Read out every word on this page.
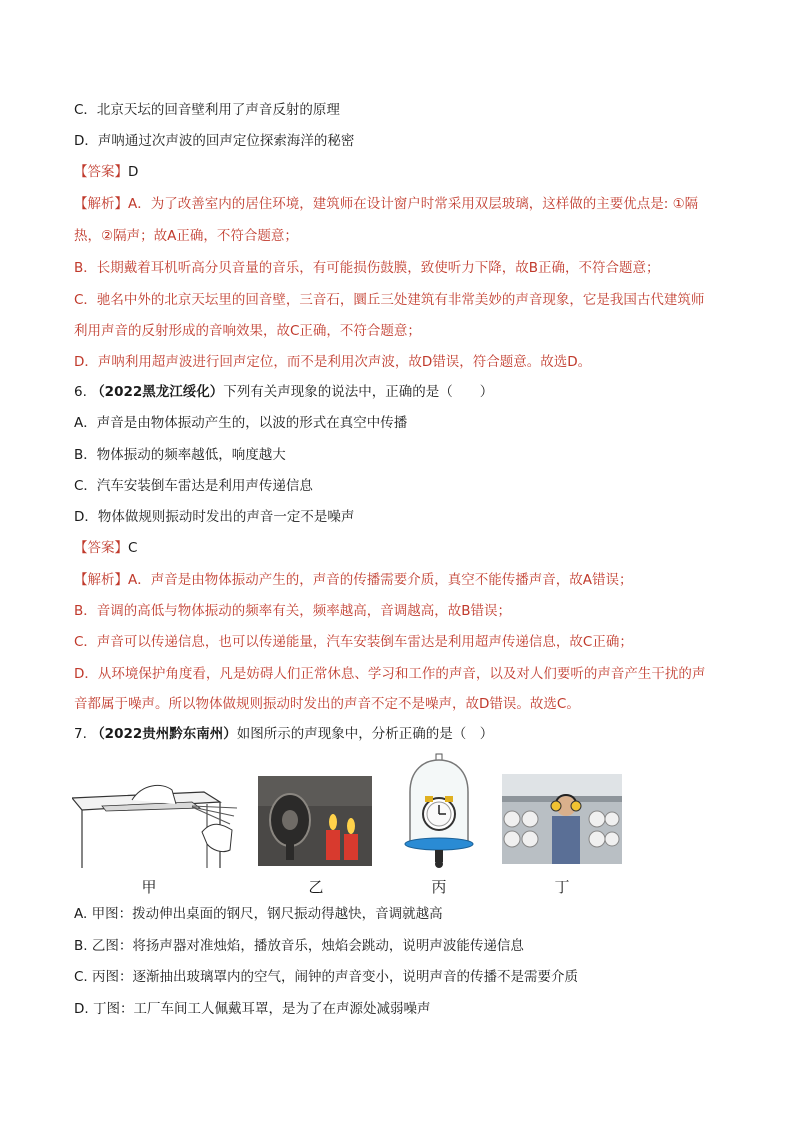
C．北京天坛的回音壁利用了声音反射的原理
D．声呐通过次声波的回声定位探索海洋的秘密
【答案】D
【解析】A．为了改善室内的居住环境，建筑师在设计窗户时常采用双层玻璃，这样做的主要优点是: ①隔
热，②隔声；故A正确，不符合题意；
B．长期戴着耳机听高分贝音量的音乐，有可能损伤鼓膜，致使听力下降，故B正确，不符合题意；
C．驰名中外的北京天坛里的回音壁，三音石，圜丘三处建筑有非常美妙的声音现象，它是我国古代建筑师
利用声音的反射形成的音响效果，故C正确，不符合题意；
D．声呐利用超声波进行回声定位，而不是利用次声波，故D错误，符合题意。故选D。
6. （2022黑龙江绥化）下列有关声现象的说法中，正确的是（　　）
A．声音是由物体振动产生的，以波的形式在真空中传播
B．物体振动的频率越低，响度越大
C．汽车安装倒车雷达是利用声传递信息
D．物体做规则振动时发出的声音一定不是噪声
【答案】C
【解析】A．声音是由物体振动产生的，声音的传播需要介质，真空不能传播声音，故A错误；
B．音调的高低与物体振动的频率有关，频率越高，音调越高，故B错误；
C．声音可以传递信息，也可以传递能量，汽车安装倒车雷达是利用超声传递信息，故C正确；
D．从环境保护角度看，凡是妨碍人们正常休息、学习和工作的声音，以及对人们要听的声音产生干扰的声
音都属于噪声。所以物体做规则振动时发出的声音不定不是噪声，故D错误。故选C。
7. （2022贵州黔东南州）如图所示的声现象中，分析正确的是（　）
甲	乙	丙	丁
A. 甲图：拨动伸出桌面的钢尺，钢尺振动得越快，音调就越高
B. 乙图：将扬声器对准烛焰，播放音乐，烛焰会跳动，说明声波能传递信息
C. 丙图：逐渐抽出玻璃罩内的空气，闹钟的声音变小，说明声音的传播不是需要介质
D. 丁图：工厂车间工人佩戴耳罩，是为了在声源处减弱噪声
